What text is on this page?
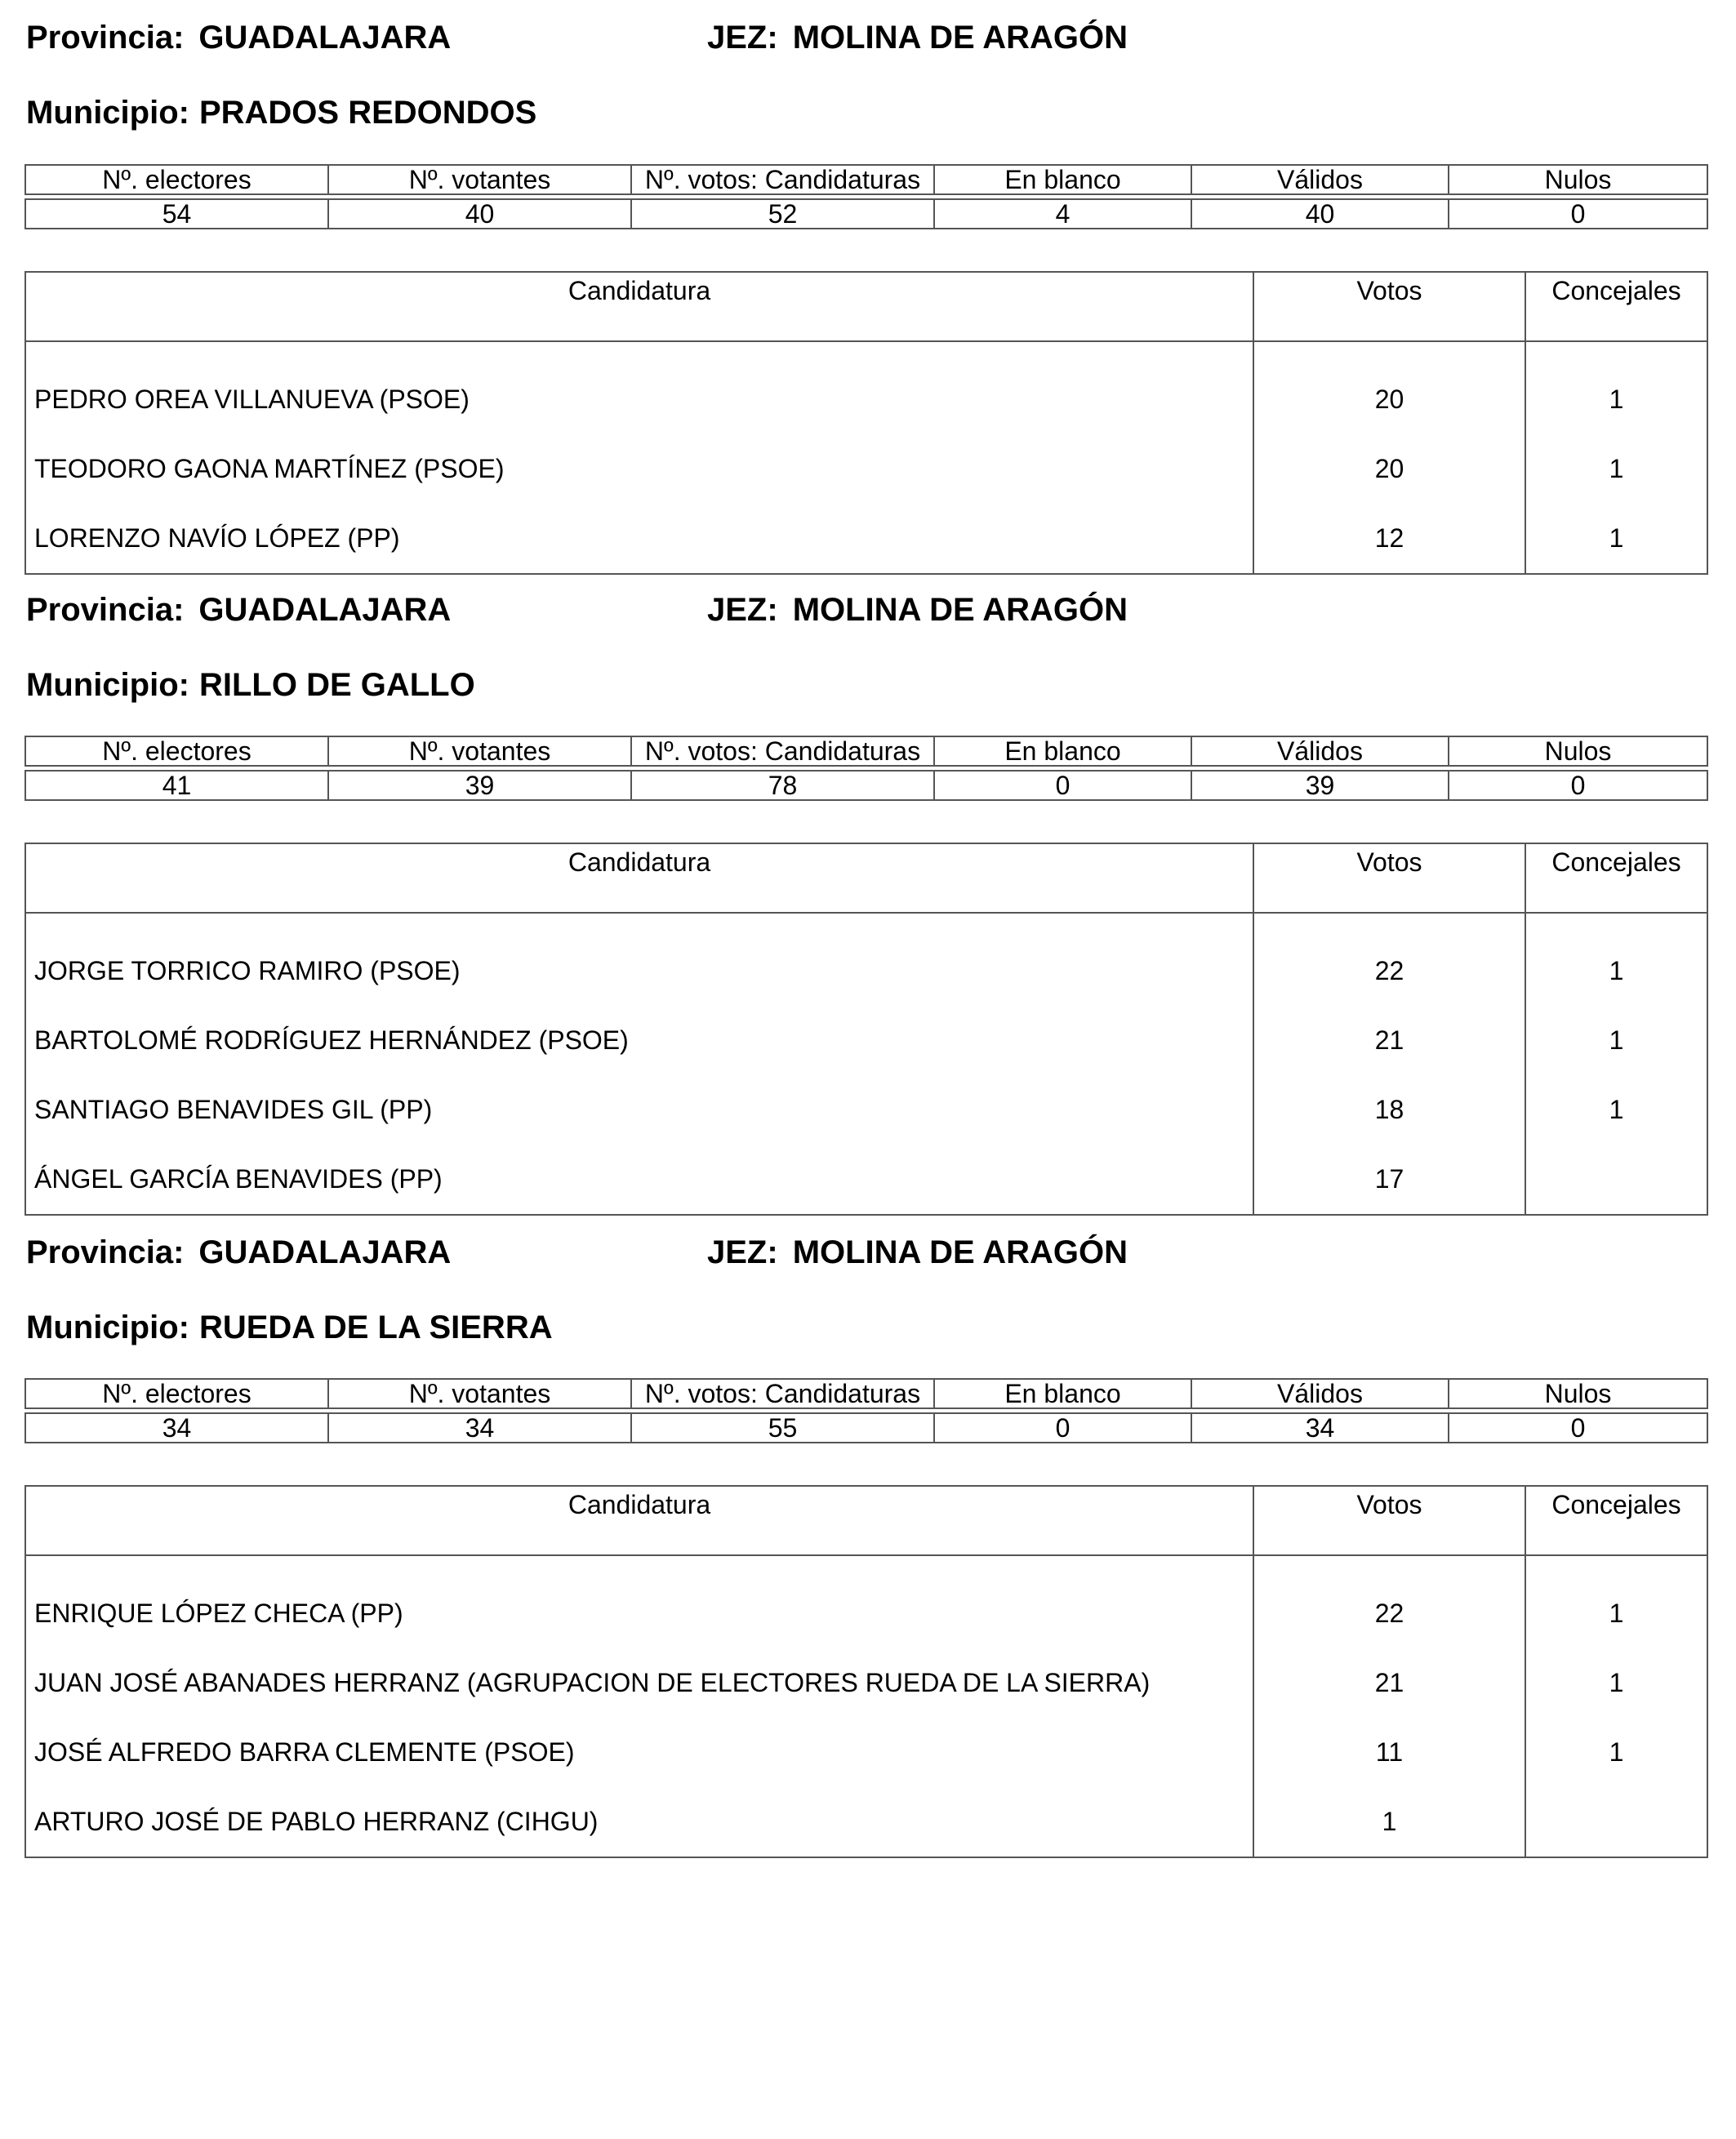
Provincia: GUADALAJARA	JEZ: MOLINA DE ARAGÓN
Municipio: PRADOS REDONDOS
Nº. electores	Nº. votantes	Nº. votos: Candidaturas	En blanco	Válidos	Nulos

54	40	52	4	40	0
Candidatura	Votos	Concejales
PEDRO OREA VILLANUEVA (PSOE)	20	1
TEODORO GAONA MARTÍNEZ (PSOE)	20	1
LORENZO NAVÍO LÓPEZ (PP)	12	1
Provincia: GUADALAJARA	JEZ: MOLINA DE ARAGÓN
Municipio: RILLO DE GALLO
Nº. electores	Nº. votantes	Nº. votos: Candidaturas	En blanco	Válidos	Nulos

41	39	78	0	39	0
Candidatura	Votos	Concejales
JORGE TORRICO RAMIRO (PSOE)	22	1
BARTOLOMÉ RODRÍGUEZ HERNÁNDEZ (PSOE)	21	1
SANTIAGO BENAVIDES GIL (PP)	18	1
ÁNGEL GARCÍA BENAVIDES (PP)	17	
Provincia: GUADALAJARA	JEZ: MOLINA DE ARAGÓN
Municipio: RUEDA DE LA SIERRA
Nº. electores	Nº. votantes	Nº. votos: Candidaturas	En blanco	Válidos	Nulos

34	34	55	0	34	0
Candidatura	Votos	Concejales
ENRIQUE LÓPEZ CHECA (PP)	22	1
JUAN JOSÉ ABANADES HERRANZ (AGRUPACION DE ELECTORES RUEDA DE LA SIERRA)	21	1
JOSÉ ALFREDO BARRA CLEMENTE (PSOE)	11	1
ARTURO JOSÉ DE PABLO HERRANZ (CIHGU)	1	
